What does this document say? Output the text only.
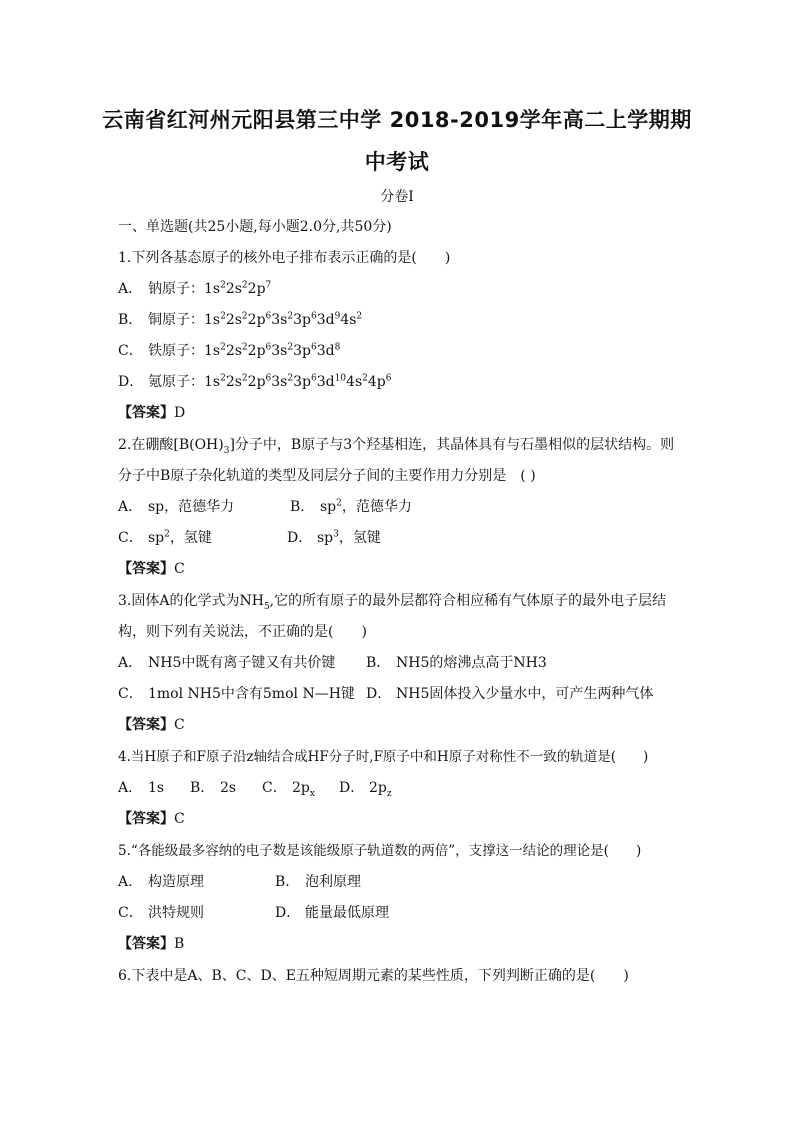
云南省红河州元阳县第三中学 2018-2019学年高二上学期期
中考试
分卷I
一、单选题(共25小题,每小题2.0分,共50分)
1.下列各基态原子的核外电子排布表示正确的是(　　)
A． 钠原子：$1s^22s^22p^7$
B． 铜原子：$1s^22s^22p^63s^23p^63d^94s^2$
C． 铁原子：$1s^22s^22p^63s^23p^63d^8$
D． 氪原子：$1s^22s^22p^63s^23p^63d^{10}4s^24p^6$
【答案】D
2.在硼酸$[B(OH)_3]$分子中，B原子与3个羟基相连，其晶体具有与石墨相似的层状结构。则
分子中B原子杂化轨道的类型及同层分子间的主要作用力分别是　( )
A． sp，范德华力	B． $sp^2$，范德华力
C． $sp^2$，氢键	D． $sp^3$，氢键
【答案】C
3.固体A的化学式为$NH_5$,它的所有原子的最外层都符合相应稀有气体原子的最外电子层结
构，则下列有关说法，不正确的是(　　)
A． NH5中既有离子键又有共价键 B． NH5的熔沸点高于NH3
C． 1mol NH5中含有5mol N—H键 D． NH5固体投入少量水中，可产生两种气体
【答案】C
4.当H原子和F原子沿z轴结合成HF分子时,F原子中和H原子对称性不一致的轨道是(　　)
A． 1s B． 2s C． $2p_x$ D． $2p_z$
【答案】C
5.“各能级最多容纳的电子数是该能级原子轨道数的两倍”，支撑这一结论的理论是(　　)
A． 构造原理	B． 泡利原理
C． 洪特规则	D． 能量最低原理
【答案】B
6.下表中是A、B、C、D、E五种短周期元素的某些性质，下列判断正确的是(　　)
